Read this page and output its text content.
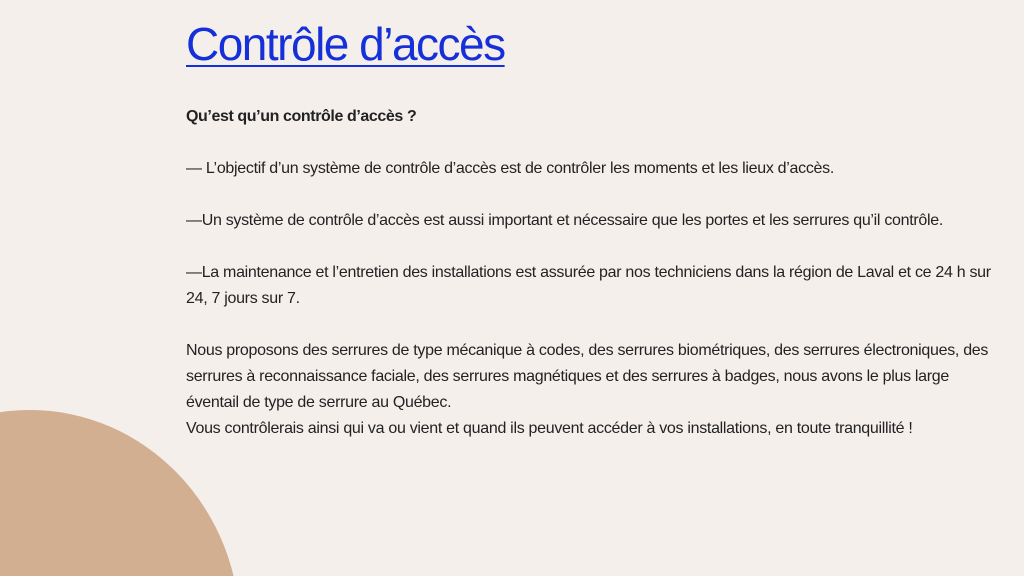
Contrôle d’accès

Qu’est qu’un contrôle d’accès ?

— L’objectif d’un système de contrôle d’accès est de contrôler les moments et les lieux d’accès.

—Un système de contrôle d’accès est aussi important et nécessaire que les portes et les serrures qu’il contrôle.

—La maintenance et l’entretien des installations est assurée par nos techniciens dans la région de Laval et ce 24 h sur 24, 7 jours sur 7.

Nous proposons des serrures de type mécanique à codes, des serrures biométriques, des serrures électroniques, des serrures à reconnaissance faciale, des serrures magnétiques et des serrures à badges, nous avons le plus large éventail de type de serrure au Québec.

Vous contrôlerais ainsi qui va ou vient et quand ils peuvent accéder à vos installations, en toute tranquillité !
